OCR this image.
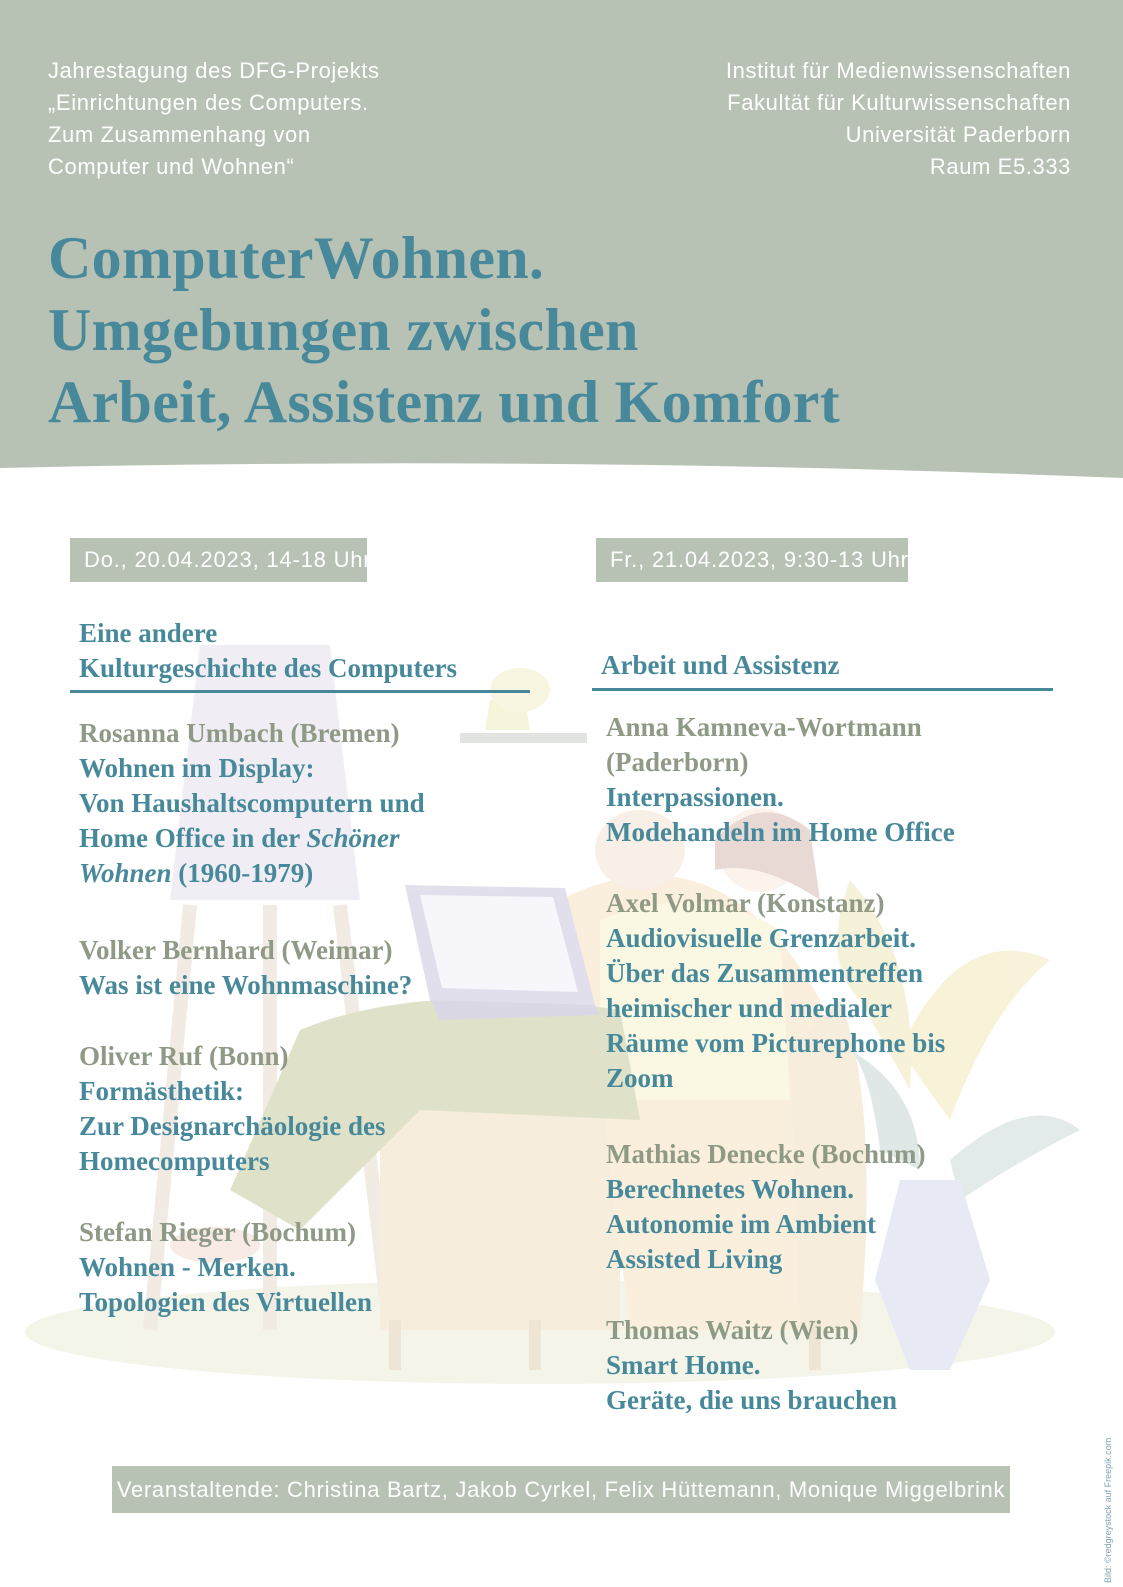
Jahrestagung des DFG-Projekts
„Einrichtungen des Computers.
Zum Zusammenhang von
Computer und Wohnen“
Institut für Medienwissenschaften
Fakultät für Kulturwissenschaften
Universität Paderborn
Raum E5.333
ComputerWohnen.
Umgebungen zwischen
Arbeit, Assistenz und Komfort
Do., 20.04.2023, 14-18 Uhr
Eine andere
Kulturgeschichte des Computers
Rosanna Umbach (Bremen)
Wohnen im Display:
Von Haushaltscomputern und
Home Office in der Schöner
Wohnen (1960-1979)
Volker Bernhard (Weimar)
Was ist eine Wohnmaschine?
Oliver Ruf (Bonn)
Formästhetik:
Zur Designarchäologie des
Homecomputers
Stefan Rieger (Bochum)
Wohnen - Merken.
Topologien des Virtuellen
Fr., 21.04.2023, 9:30-13 Uhr
Arbeit und Assistenz
Anna Kamneva-Wortmann
(Paderborn)
Interpassionen.
Modehandeln im Home Office
Axel Volmar (Konstanz)
Audiovisuelle Grenzarbeit.
Über das Zusammentreffen
heimischer und medialer
Räume vom Picturephone bis
Zoom
Mathias Denecke (Bochum)
Berechnetes Wohnen.
Autonomie im Ambient
Assisted Living
Thomas Waitz (Wien)
Smart Home.
Geräte, die uns brauchen
Veranstaltende: Christina Bartz, Jakob Cyrkel, Felix Hüttemann, Monique Miggelbrink	Bild: ©redgreystock auf Freepik.com
